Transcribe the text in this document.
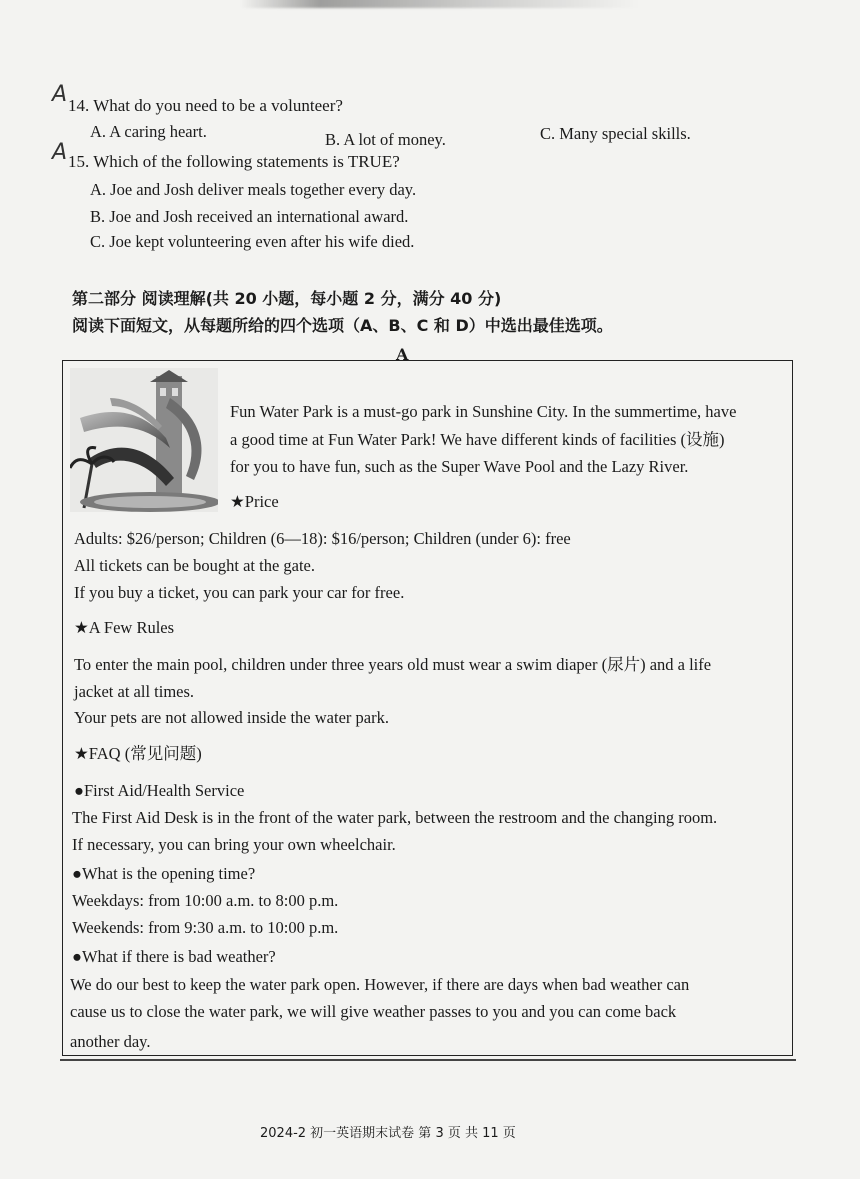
A 14. What do you need to be a volunteer?
A. A caring heart.	B. A lot of money.	C. Many special skills.
A 15. Which of the following statements is TRUE?
A. Joe and Josh deliver meals together every day.
B. Joe and Josh received an international award.
C. Joe kept volunteering even after his wife died.
第二部分 阅读理解(共 20 小题，每小题 2 分，满分 40 分)
阅读下面短文，从每题所给的四个选项（A、B、C 和 D）中选出最佳选项。
A
Fun Water Park is a must-go park in Sunshine City. In the summertime, have
a good time at Fun Water Park! We have different kinds of facilities (设施)
for you to have fun, such as the Super Wave Pool and the Lazy River.
★Price
Adults: $26/person; Children (6—18): $16/person; Children (under 6): free
All tickets can be bought at the gate.
If you buy a ticket, you can park your car for free.
★A Few Rules
To enter the main pool, children under three years old must wear a swim diaper (尿片) and a life
jacket at all times.
Your pets are not allowed inside the water park.
★FAQ (常见问题)
●First Aid/Health Service
The First Aid Desk is in the front of the water park, between the restroom and the changing room.
If necessary, you can bring your own wheelchair.
●What is the opening time?
Weekdays: from 10:00 a.m. to 8:00 p.m.
Weekends: from 9:30 a.m. to 10:00 p.m.
●What if there is bad weather?
We do our best to keep the water park open. However, if there are days when bad weather can
cause us to close the water park, we will give weather passes to you and you can come back
another day.
2024-2 初一英语期末试卷 第 3 页 共 11 页
